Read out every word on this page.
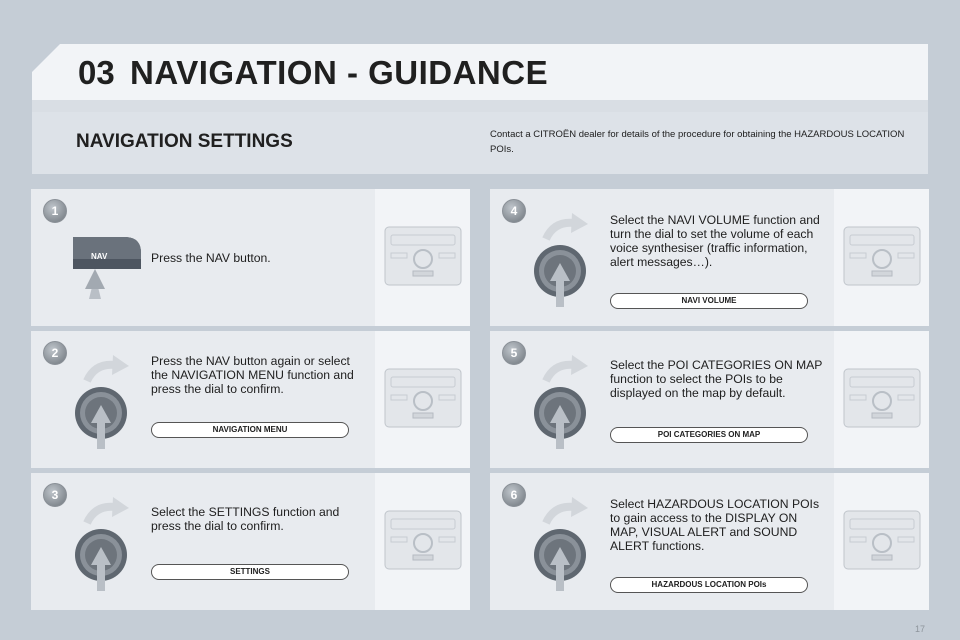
03 NAVIGATION - GUIDANCE
NAVIGATION SETTINGS	Contact a CITROËN dealer for details of the procedure for obtaining the HAZARDOUS LOCATION POIs.
1
NAV	Press the NAV button.
2
Press the NAV button again or select the NAVIGATION MENU function and press the dial to confirm.
NAVIGATION MENU
3
Select the SETTINGS function and press the dial to confirm.
SETTINGS
4
Select the NAVI VOLUME function and turn the dial to set the volume of each voice synthesiser (traffic information, alert messages…).
NAVI VOLUME
5
Select the POI CATEGORIES ON MAP function to select the POIs to be displayed on the map by default.
POI CATEGORIES ON MAP
6
Select HAZARDOUS LOCATION POIs to gain access to the DISPLAY ON MAP, VISUAL ALERT and SOUND ALERT functions.
HAZARDOUS LOCATION POIs
17
